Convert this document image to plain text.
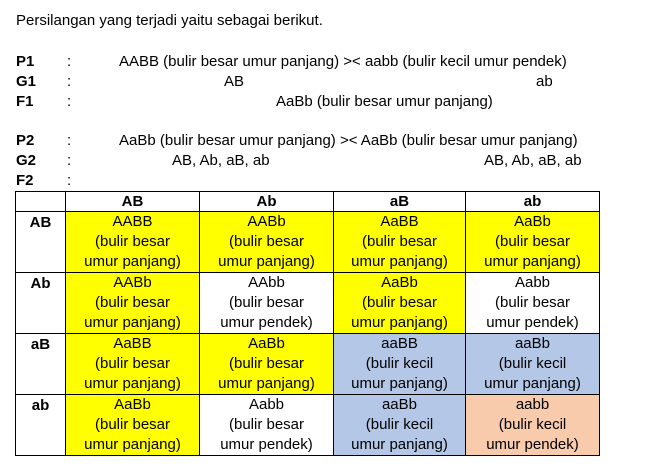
Persilangan yang terjadi yaitu sebagai berikut.
P1 :	AABB (bulir besar umur panjang) >< aabb (bulir kecil umur pendek)
G1 :	AB	ab
F1 :	AaBb (bulir besar umur panjang)
P2 :	AaBb (bulir besar umur panjang) >< AaBb (bulir besar umur panjang)
G2 :	AB, Ab, aB, ab	AB, Ab, aB, ab
F2 :
	AB	Ab	aB	ab
AB	AABB
(bulir besar
umur panjang)	AABb
(bulir besar
umur panjang)	AaBB
(bulir besar
umur panjang)	AaBb
(bulir besar
umur panjang)

Ab	AABb
(bulir besar
umur panjang)	AAbb
(bulir besar
umur pendek)	AaBb
(bulir besar
umur panjang)	Aabb
(bulir besar
umur pendek)

aB	AaBB
(bulir besar
umur panjang)	AaBb
(bulir besar
umur panjang)	aaBB
(bulir kecil
umur panjang)	aaBb
(bulir kecil
umur panjang)

ab	AaBb
(bulir besar
umur panjang)	Aabb
(bulir besar
umur pendek)	aaBb
(bulir kecil
umur panjang)	aabb
(bulir kecil
umur pendek)
